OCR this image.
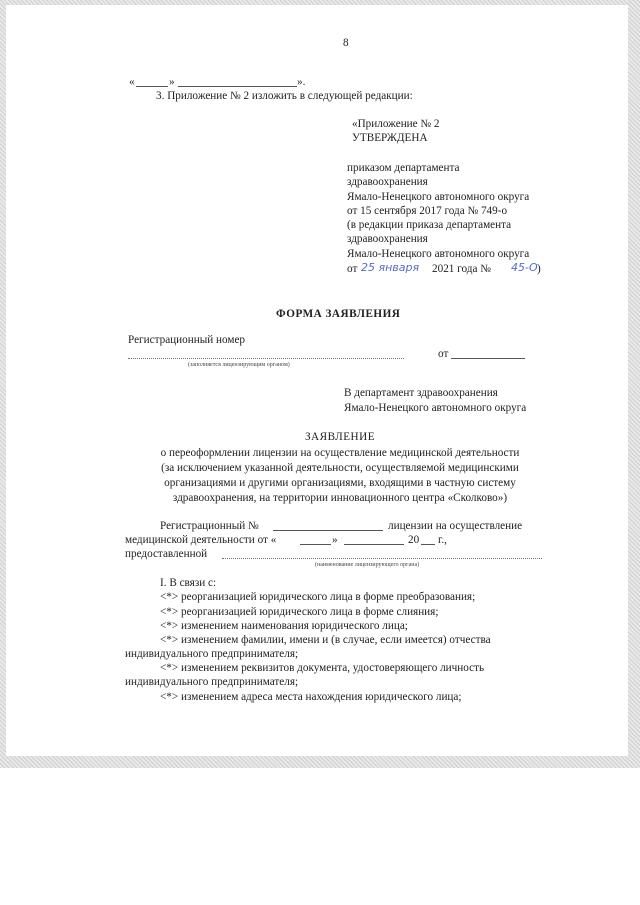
8
«	»	».
3. Приложение № 2 изложить в следующей редакции:
«Приложение № 2
УТВЕРЖДЕНА
приказом департамента
здравоохранения
Ямало-Ненецкого автономного округа
от 15 сентября 2017 года № 749-о
(в редакции приказа департамента
здравоохранения
Ямало-Ненецкого автономного округа
от 25 января 2021 года № 45-О )
ФОРМА ЗАЯВЛЕНИЯ
Регистрационный номер
от
(заполняется лицензирующим органом)
В департамент здравоохранения
Ямало-Ненецкого автономного округа
ЗАЯВЛЕНИЕ
о переоформлении лицензии на осуществление медицинской деятельности
(за исключением указанной деятельности, осуществляемой медицинскими
организациями и другими организациями, входящими в частную систему
здравоохранения, на территории инновационного центра «Сколково»)
Регистрационный №	лицензии на осуществление
медицинской деятельности от «	»	20 г.,
предоставленной
(наименование лицензирующего органа)
I. В связи с:
<*> реорганизацией юридического лица в форме преобразования;
<*> реорганизацией юридического лица в форме слияния;
<*> изменением наименования юридического лица;
<*> изменением фамилии, имени и (в случае, если имеется) отчества
индивидуального предпринимателя;
<*> изменением реквизитов документа, удостоверяющего личность
индивидуального предпринимателя;
<*> изменением адреса места нахождения юридического лица;
